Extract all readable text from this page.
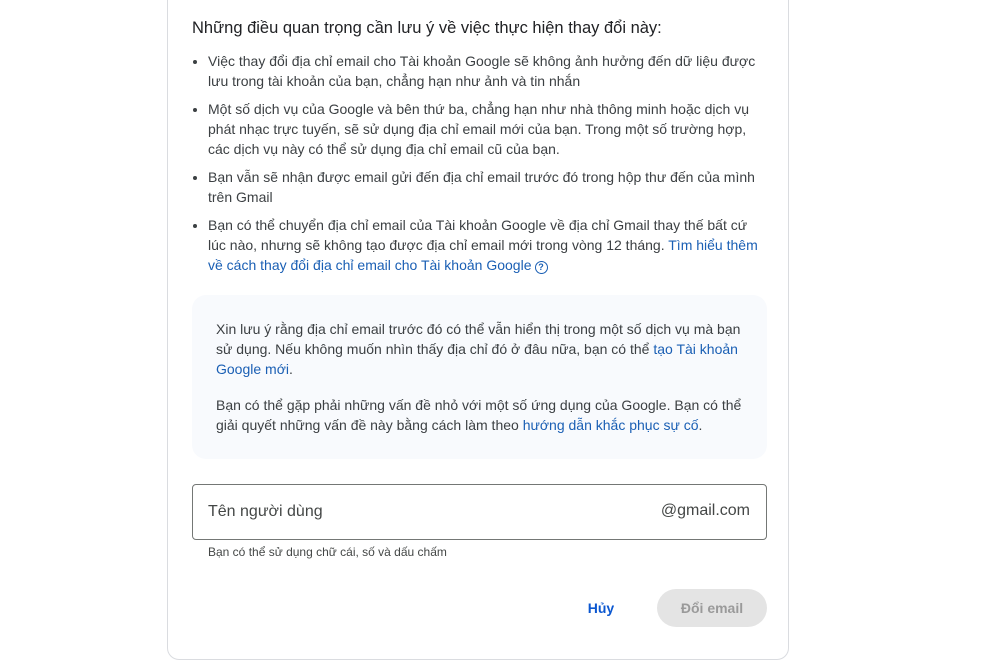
Những điều quan trọng cần lưu ý về việc thực hiện thay đổi này:
• Việc thay đổi địa chỉ email cho Tài khoản Google sẽ không ảnh hưởng đến dữ liệu được lưu trong tài khoản của bạn, chẳng hạn như ảnh và tin nhắn
• Một số dịch vụ của Google và bên thứ ba, chẳng hạn như nhà thông minh hoặc dịch vụ phát nhạc trực tuyến, sẽ sử dụng địa chỉ email mới của bạn. Trong một số trường hợp, các dịch vụ này có thể sử dụng địa chỉ email cũ của bạn.
• Bạn vẫn sẽ nhận được email gửi đến địa chỉ email trước đó trong hộp thư đến của mình trên Gmail
• Bạn có thể chuyển địa chỉ email của Tài khoản Google về địa chỉ Gmail thay thế bất cứ lúc nào, nhưng sẽ không tạo được địa chỉ email mới trong vòng 12 tháng. Tìm hiểu thêm về cách thay đổi địa chỉ email cho Tài khoản Google ?

Xin lưu ý rằng địa chỉ email trước đó có thể vẫn hiển thị trong một số dịch vụ mà bạn sử dụng. Nếu không muốn nhìn thấy địa chỉ đó ở đâu nữa, bạn có thể tạo Tài khoản Google mới.

Bạn có thể gặp phải những vấn đề nhỏ với một số ứng dụng của Google. Bạn có thể giải quyết những vấn đề này bằng cách làm theo hướng dẫn khắc phục sự cố.

Tên người dùng
@gmail.com
Bạn có thể sử dụng chữ cái, số và dấu chấm
Hủy	Đổi email
